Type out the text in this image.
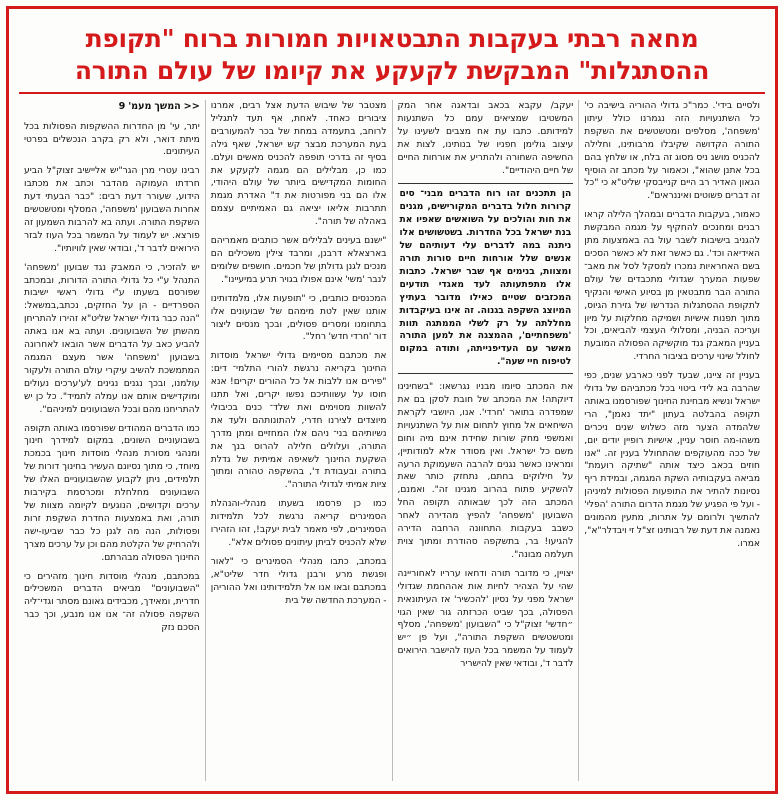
מחאה רבתי בעקבות התבטאויות חמורות ברוח "תקופת
ההסתגלות" המבקשת לקעקע את קיומו של עולם התורה

ולסיים בידי'. כמר"כ גדולי ההוריה בישיבה כי' כל השתנעויות הזה נגמרנו כולל עיתון 'משפחה', מסלפים ומטשטשים את השקפת התורה הקדושה שקיבלו מרבותינו, וחלילה להכניס מושג ניס מסוג זה בלח, או שלחץ בהם בכל אתנן שהוא", וכאמור על מכתב זה הוסיף הגאון האדיר רב היים קנייבסקי שליט"א כי "כל זה דברים פשוטים ואיננראים".

כאמור, בעקבות הדברים ובמהלך הלילה קראו רבנים ומחנכים להחקיף על מגמה המבקשת להגניב בישיבות לשבר עול בה באמצעות מתן האידיאה וכד'. גם כאשר זאת לא כאשר הסכים בשם האחראיות נמכרו למסקל לסל את מאב־ שפעות המערך שגדולי מתכבדים של עולם התורה הבר מתבטאין מן בסיוע האישי והנקיף לתקופת ההסתגלות הנדרשו של גזירת הגיוס, מתוך תפנות אישיות ושמיקה מחלקות על מיון ועריכה הבניה, ומסלולי העצמי להביאים, וכל בעניין המאבק גנד מוקשיקה הפסולה המובעת לחולל שינוי ערכים בציבור החרדי.

בעניין זה ציינו, שבעד לפני כארבע שנים, כפי שהרבה בא לידי ביטוי בכל מכתביהם של גדולי ישראל ונשיא מבחינת החינוך שפורסמנו באותה תקופה בהבלטה בעתון "יתד נאמן", הרי שלהמדה הצער מזה כשלוש שנים ניכרים משהו-מה חוסר עניין, אישיות רופיין יודים יום, של ככה מהעוקפים שהתחולל בענין זה. "אנו חוזים בכאב כיצד אותה "שתיקה רועמת" מביאה בעקבותיה השקת המגמה, ובמידת ריף נסיונות להתיר את התופעות הפסולות למיניהן - ועל פי הפגיע של מגמת הדרום התורה 'הפלי' להתשיך ולרומם על אתרות, מתעין מהמונים נאמנה את דעת של רבותינו זצ"ל זי ויבדלר"א", אמרו.

יעקב/ עקבא בכאב ובדאגה אחר המק המשטיבו שמציאים עמם כל השתנעות למידותם. כתבו עת אח מצבים לשעינו על עיצוב גולימן חפניו של בנותינו, לצות את החשיפה השחורה ולהתריע את אורחות החיים של חיים היהודיים".

הן תתכנים זהו רוח הדברים מבני־ סים קרורות חלול בדברים המקורישים, מגנים את חות והולכים על השואשים שאפיו את בנת ישראל בכל החדרות. בשטשושים אלו ניתנה במה לדברים עלי דעותיהם של אנשים שלל אורחות חיים סורות תורה ומצוות, בנימים אף שבר ישראל. כתבות אלו מתפתעותה לעד מאגדי תודעים המכזבים שטיים כאילו מדובר בעתיץ המיוצג השקפה בגנוה. זה אינו בעיקבדות מחללתה על רק לשלי הממתגה תוות 'משפחתיים', ההמצגה את למען התורה מאשר עם העדיפנייתה, ותודה במקום לטיפוח חיי שעה".

את המכתב סיומו מבניו נגרשאו: "בשחינינו דיוקתה! את המכתב של חובת לסקן בם את שמפדרה בתואר 'חרדי'. אנו, היושבי לקראת השיחאים אל מחוץ לתחום אות על השתנעויות ואמשפי מחק שורות שחידת אינם מיה וחום משם כל ישראל. ואין מסודר אלא למודותיין, ומראינו כאשר נגנים להרבה השעמוקת הרעה על חילוקים בחתם, נתחזק כותר שאת להשקיע פתוח בהרוב מגנינו זה". ואמנם, המכתב הזה לכך שבאותה תקופה החל השבועון 'משפחה' להפיץ מהדירה לאחר כשבב בעקבות התחוונה הרחבה הדירה להגיעו! בר, בתשקפה סהודרת ומתוך צוית תעלמה מבונה".

יצויין, כי מדובר תורה ודחאו ערריו לאחוריינה שהי על הצהיר לחיות אות אההחמת שגדולי ישראל מפני על נסיון 'להכשיר' אז העיתונאית הפסולה, בכך שביט הכרזתה גור שאין הגוי ״חדשי' זצוק"ל כי "השבועון 'משפחה', מסלף ומטשטשים השקפת התורה", ועל פן ״יש לעמוד על המשמר בכל העוז להישבר הירואים לדבר ד', ובודאי שאין להישריר

מצטבר של שיבוש הדעת אצל רבים, אמרנו ציבורים כאחד. לאחת, אף תעד לתגליל לרוחב, בתעמדה במחת של בכר להמעורבים בעת המערכת מבצר קש ישראל, שאף גילה בסיף זה בדרכי תופפה להכניס מאשים ועלם. כמו כן, מבלילים הם מגמה לקעקע את החומות המקדישים ביותר של עולם היהודי, אלו הם בני מפורטות את ד" האדרת מגמת תתרבות אליאו יציאה גם האמיתיים עצמם באהלה של תורה".

"ישנם בעינים לבלילים אשר כותבים מאמריהם בארצאלא דרבנן, ומרבד צילין משכילים הם מנכים לגנן גדולתן של חכמים. חושפים שלומים לנבר 'משי' אינם אפולו בגויר תרע במיעיינו".

המכנסים כותבים, כי "תופעות אלו, מלמדותינו אותנו שאין לטת מימהם של שבועונים אלו בתחומנו ומסרים פסולים, ובכך מנסים ליצור דור 'חרדי חדש' רחל".

את מכתבם מסיימים גדולי ישראל מוסדות החינוך בקריאה נרגשת להורי התלמי־ דים: "פירים אנו ללבות אל כל ההורים יקרים! אנא חוסו על עשוותיכם נפשו יקרים, ואל תתנו להשוות מסוימים ואת שלד־ כנים בכיבולי מיוצדים לצירנו חדרי, להתונותהם ולעד את נשיותיהם בני־ ניהם אלו המחזיים ומתן מדרך התורה, ועלולים חלילה להרוס בנך את השקעת החינוך לשאיפה אמיתית של גדלת בתורה ובעבודת ד', בהשקפה טהורה ומתוך ציות אמיתי לגדולי התורה".

כמו כן פרסמו בשעתו מנהלי-והנהלת הסמינרים קריאה נרגשת לכל תלמידות הסמינרים, לפי מאמר לבית יעקב!, זהו הזהירו שלא להכניס לביתן עיתונים פסולים אלא".

במכתב, כתבו מנהלי הסמינרים כי "לאור ופגשת מרע ורבנן גדולי חדר שליט"א, במכתבם ובאו אנו אל תלמידותינו ואל ההוריהן - המערכת החדשה של בית

<< המשך מעמ' 9

יתר, עי' מן החדרות ההשקפות הפסולות בכל מיתת דואר, ולא רק בקרב הנכשלים בפרטי העיתונים.

רבינו עטרי מרן הגר"יש אליישיב זצוק"ל הביע חרדתו העמוקה מהדבר וכתב את מכתבו הידוע, שעורר דעת רבים: "כבר הבעתי דעת אחרות השבועון 'משפחה', המסלף ומטשטשים השקפת התורה. ועתה בא להרבות השמעון זה פורצא. יש לעמוד על המשמר בכל העוז לבזר הירואים לדבר ד', ובודאי שאין לוויותיו".

יש להזכיר, כי המאבק נגד שבועון 'משפחה' התנהל ע"י כל גדולי התורה הדורות, ובמכתב שפורסם בשעתו ע"י גדולי ראשי ישיבות הספרדיים - הן על החזקים, נכתב,במשאל: "הנה כבר גדולי ישראל שליט"א זהירו להתריחן מהשתן של השבועונים. ועתה בא אנו באתה להביע כאב על הדברים אשר הובאו לאחרונה בשבועון 'משפחה' אשר מעצם המגמה המתמשכת להשיב עיקרי עולם התורה ולעקור עולמנו, ובכך נגנים נגינים לע'ערכים נעולים ומוקדישים אותם אנו עמלה לתמיד". כל כן יש להתריחנו מהם ובכל השבועונים למיניהם".

כמו הדברים המהודים שפורסמו באותה תקופה בשבועוניים השונים, במקום למידרך חינוך ומנהגי מסורת מנהלי מוסדות חינוך בכמכת מיוחד, כי מתוך נסיונם העשיר בחינוך דורות של תלמידים, ניתן לקבוע שהשבועוניים האלו של השבועונים מחלחלת ומכרסמת בקירבות ערכים וקדושים, הנוגעים לקיומה מצוות של תורה, ואת באמצעות החדרת השקפת זרות ופסולות, הנה מה לגנן כל כבר שביעו-ישה ולהרחיק של הקלטת מהם וכן על ערכים מצרך החינוך הפסולה מבהרתם.

במכתבם, מנהלי מוסדות חינוך מזהירים כי "השבועונים" מביאים הדברים המשכילים חדרית, ומאידך, מכבידים גאונם מסתר וגדי־ליה השקפה פסולה זה־ אנו אנו מנבע, וכך כבר הסכם נזק
